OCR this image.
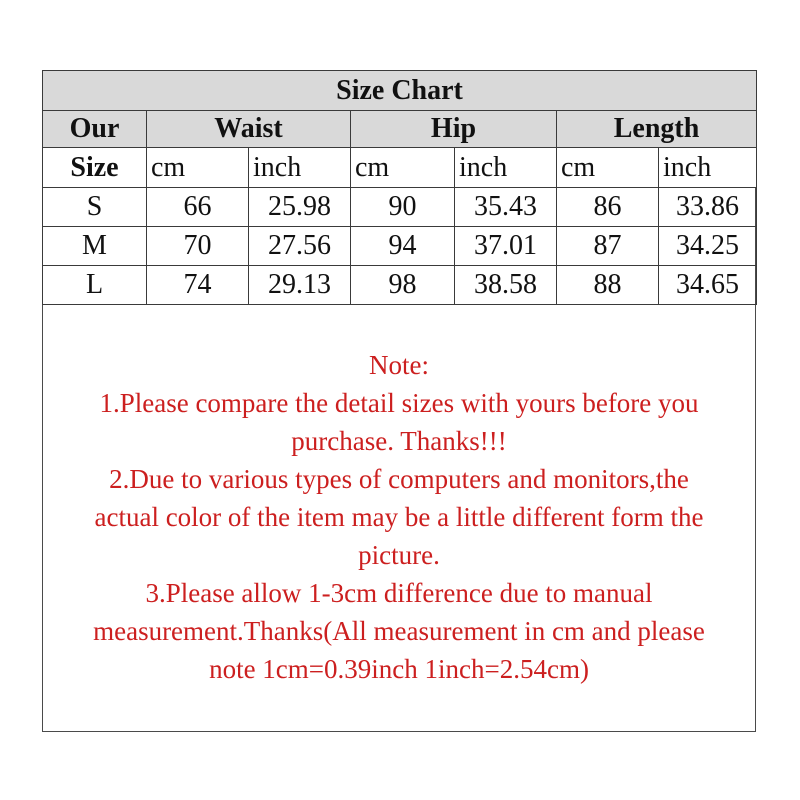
Size Chart						
Our	Waist		Hip		Length	
Size	cm	inch	cm	inch	cm	inch
S	66	25.98	90	35.43	86	33.86
M	70	27.56	94	37.01	87	34.25
L	74	29.13	98	38.58	88	34.65
Note:
1.Please compare the detail sizes with yours before you
purchase. Thanks!!!
2.Due to various types of computers and monitors,the
actual color of the item may be a little different form the
picture.
3.Please allow 1-3cm difference due to manual
measurement.Thanks(All measurement in cm and please
note 1cm=0.39inch 1inch=2.54cm)
